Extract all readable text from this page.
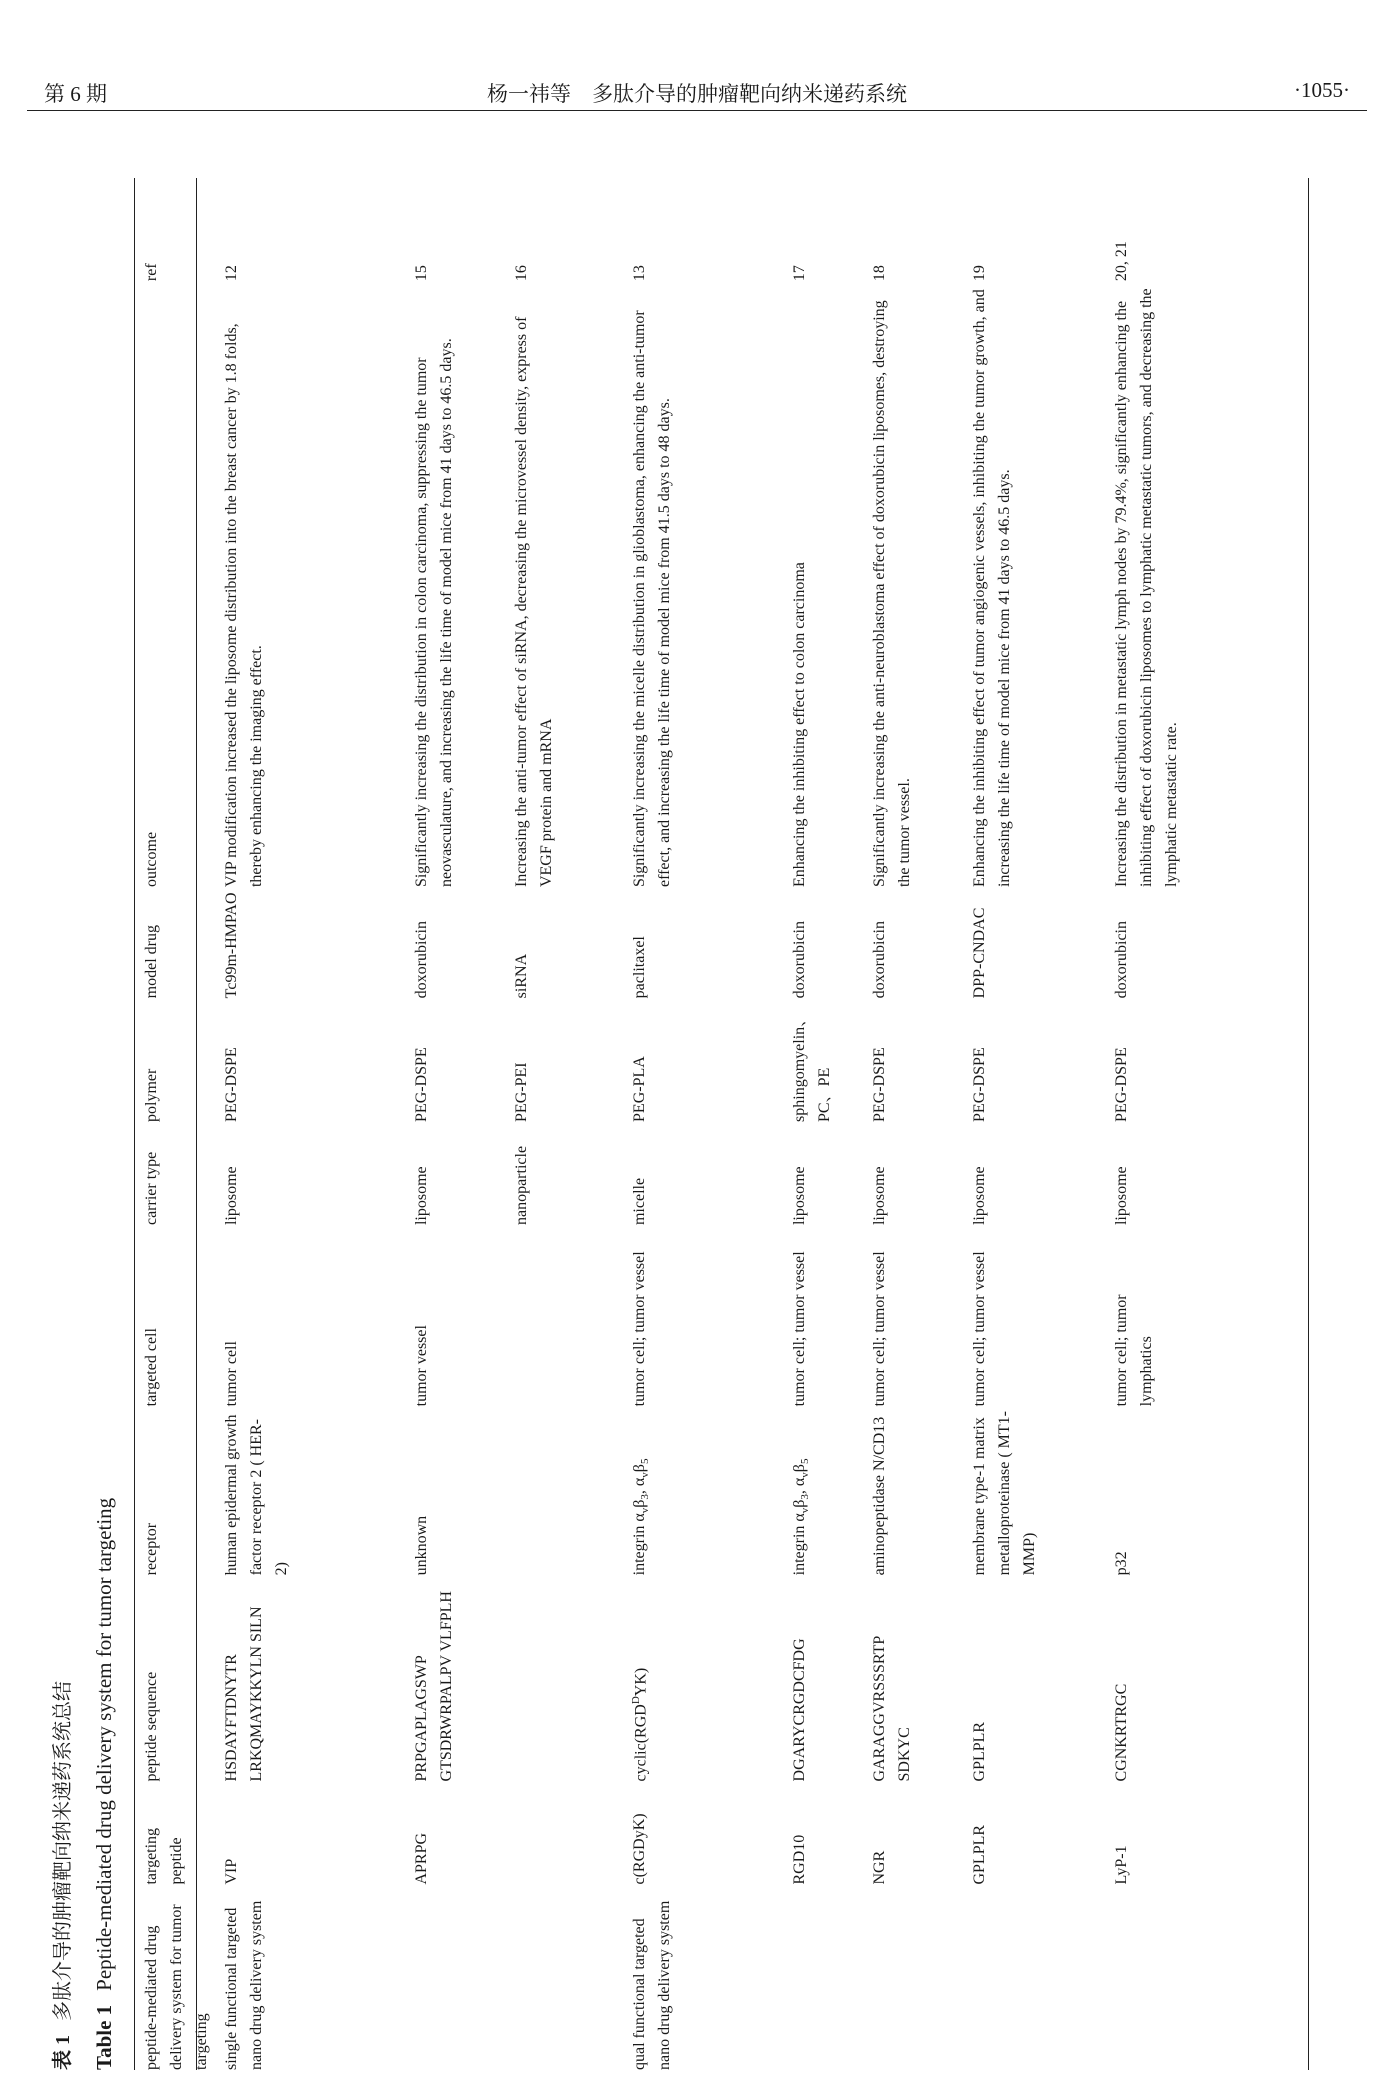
第 6 期	杨一祎等　多肽介导的肿瘤靶向纳米递药系统	·1055·
表 1多肽介导的肿瘤靶向纳米递药系统总结
Table 1Peptide-mediated drug delivery system for tumor targeting
peptide-mediated drug delivery system for tumor targeting	targeting peptide	peptide sequence	receptor	targeted cell	carrier type	polymer	model drug	outcome	ref
single functional targeted nano drug delivery system	VIP	HSDAYFTDNYTR LRKQMAYKKYLN SILN	human epidermal growth factor receptor 2 ( HER-2)	tumor cell	liposome	PEG-DSPE	Tc99m-HMPAO	VIP modification increased the liposome distribution into the breast cancer by 1.8 folds, thereby enhancing the imaging effect.	12
	APRPG	PRPGAPLAGSWP GTSDRWRPALPV VLFPLH	unknown	tumor vessel	liposome	PEG-DSPE	doxorubicin	Significantly increasing the distribution in colon carcinoma, suppressing the tumor neovasculature, and increasing the life time of model mice from 41 days to 46.5 days.	15
					nanoparticle	PEG-PEI	siRNA	Increasing the anti-tumor effect of siRNA, decreasing the microvessel density, express of VEGF protein and mRNA	16
qual functional targeted nano drug delivery system	c(RGDyK)	$cyclic(RGD^DYK)$	integrin $\alpha_v\beta_3$, $\alpha_v\beta_5$	tumor cell; tumor vessel	micelle	PEG-PLA	paclitaxel	Significantly increasing the micelle distribution in glioblastoma, enhancing the anti-tumor effect, and increasing the life time of model mice from 41.5 days to 48 days.	13
	RGD10	DGARYCRGDCFDG	integrin $\alpha_v\beta_3$, $\alpha_v\beta_5$	tumor cell; tumor vessel	liposome	sphingomyelin、PC、PE	doxorubicin	Enhancing the inhibiting effect to colon carcinoma	17
	NGR	GARAGGVRSSSRTP SDKYC	aminopeptidase N/CD13	tumor cell; tumor vessel	liposome	PEG-DSPE	doxorubicin	Significantly increasing the anti-neuroblastoma effect of doxorubicin liposomes, destroying the tumor vessel.	18
	GPLPLR	GPLPLR	membrane type-1 matrix metalloproteinase ( MT1-MMP)	tumor cell; tumor vessel	liposome	PEG-DSPE	DPP-CNDAC	Enhancing the inhibiting effect of tumor angiogenic vessels, inhibiting the tumor growth, and increasing the life time of model mice from 41 days to 46.5 days.	19
	LyP-1	CGNKRTRGC	p32	tumor cell; tumor lymphatics	liposome	PEG-DSPE	doxorubicin	Increasing the distribution in metastatic lymph nodes by 79.4%, significantly enhancing the inhibiting effect of doxorubicin liposomes to lymphatic metastatic tumors, and decreasing the lymphatic metastatic rate.	20, 21
